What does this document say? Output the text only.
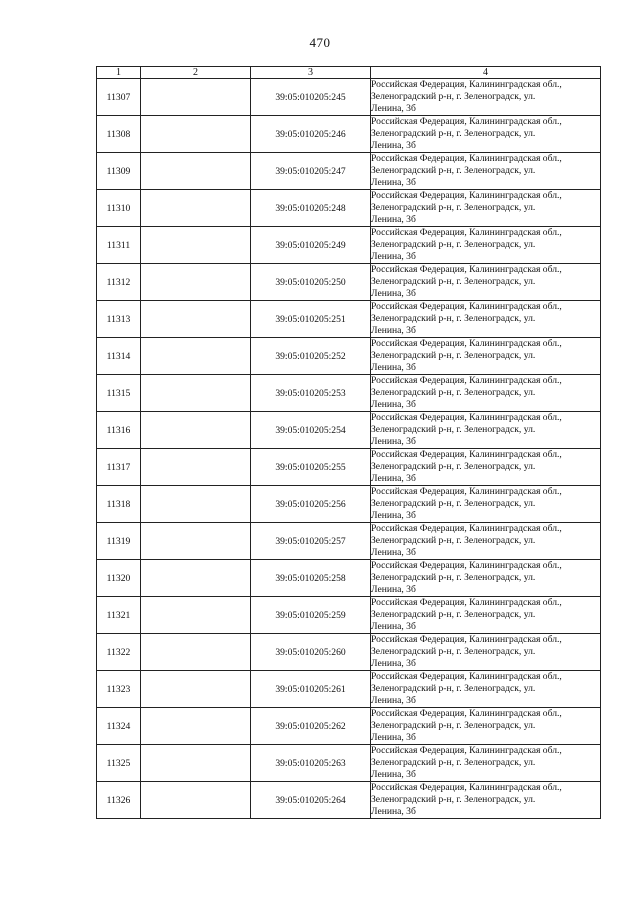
470
1	2	3	4
11307		39:05:010205:245	Российская Федерация, Калининградская обл.,
Зеленоградский р-н, г. Зеленоградск, ул.
Ленина, 3б
11308		39:05:010205:246	Российская Федерация, Калининградская обл.,
Зеленоградский р-н, г. Зеленоградск, ул.
Ленина, 3б
11309		39:05:010205:247	Российская Федерация, Калининградская обл.,
Зеленоградский р-н, г. Зеленоградск, ул.
Ленина, 3б
11310		39:05:010205:248	Российская Федерация, Калининградская обл.,
Зеленоградский р-н, г. Зеленоградск, ул.
Ленина, 3б
11311		39:05:010205:249	Российская Федерация, Калининградская обл.,
Зеленоградский р-н, г. Зеленоградск, ул.
Ленина, 3б
11312		39:05:010205:250	Российская Федерация, Калининградская обл.,
Зеленоградский р-н, г. Зеленоградск, ул.
Ленина, 3б
11313		39:05:010205:251	Российская Федерация, Калининградская обл.,
Зеленоградский р-н, г. Зеленоградск, ул.
Ленина, 3б
11314		39:05:010205:252	Российская Федерация, Калининградская обл.,
Зеленоградский р-н, г. Зеленоградск, ул.
Ленина, 3б
11315		39:05:010205:253	Российская Федерация, Калининградская обл.,
Зеленоградский р-н, г. Зеленоградск, ул.
Ленина, 3б
11316		39:05:010205:254	Российская Федерация, Калининградская обл.,
Зеленоградский р-н, г. Зеленоградск, ул.
Ленина, 3б
11317		39:05:010205:255	Российская Федерация, Калининградская обл.,
Зеленоградский р-н, г. Зеленоградск, ул.
Ленина, 3б
11318		39:05:010205:256	Российская Федерация, Калининградская обл.,
Зеленоградский р-н, г. Зеленоградск, ул.
Ленина, 3б
11319		39:05:010205:257	Российская Федерация, Калининградская обл.,
Зеленоградский р-н, г. Зеленоградск, ул.
Ленина, 3б
11320		39:05:010205:258	Российская Федерация, Калининградская обл.,
Зеленоградский р-н, г. Зеленоградск, ул.
Ленина, 3б
11321		39:05:010205:259	Российская Федерация, Калининградская обл.,
Зеленоградский р-н, г. Зеленоградск, ул.
Ленина, 3б
11322		39:05:010205:260	Российская Федерация, Калининградская обл.,
Зеленоградский р-н, г. Зеленоградск, ул.
Ленина, 3б
11323		39:05:010205:261	Российская Федерация, Калининградская обл.,
Зеленоградский р-н, г. Зеленоградск, ул.
Ленина, 3б
11324		39:05:010205:262	Российская Федерация, Калининградская обл.,
Зеленоградский р-н, г. Зеленоградск, ул.
Ленина, 3б
11325		39:05:010205:263	Российская Федерация, Калининградская обл.,
Зеленоградский р-н, г. Зеленоградск, ул.
Ленина, 3б
11326		39:05:010205:264	Российская Федерация, Калининградская обл.,
Зеленоградский р-н, г. Зеленоградск, ул.
Ленина, 3б
